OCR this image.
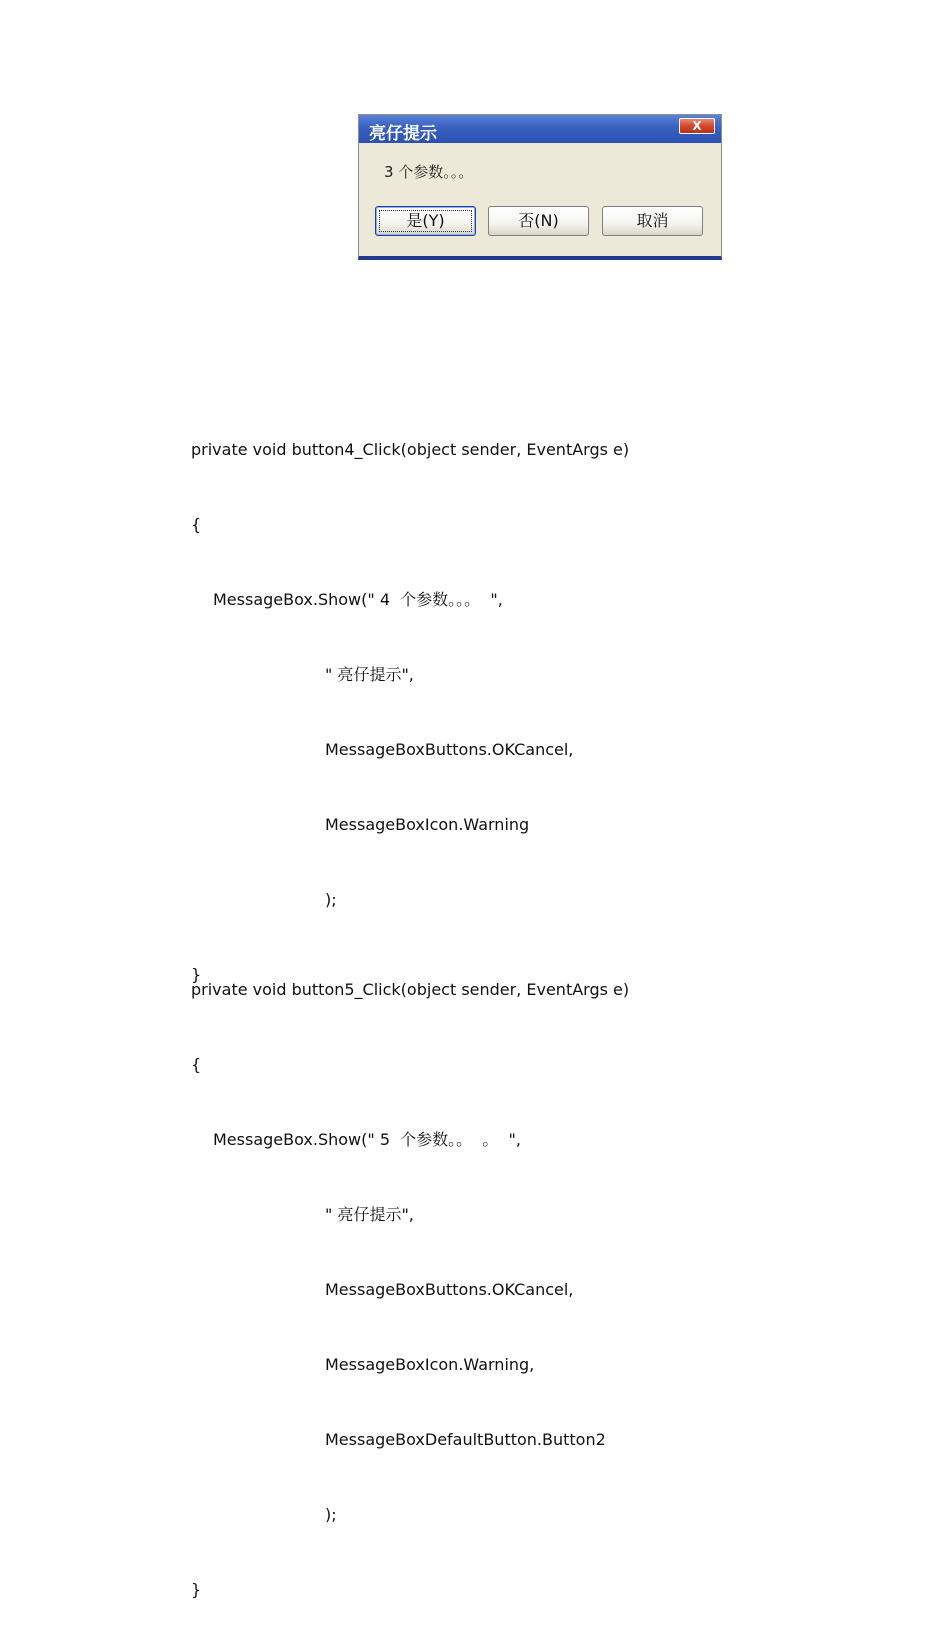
亮仔提示	X
3 个参数。。。
是(Y)	否(N)	取消

private void button4_Click(object sender, EventArgs e)

{

MessageBox.Show(" 4  个参数。。。  ",

" 亮仔提示",

MessageBoxButtons.OKCancel,

MessageBoxIcon.Warning

);

}

private void button5_Click(object sender, EventArgs e)

{

MessageBox.Show(" 5  个参数。。  。  ",

" 亮仔提示",

MessageBoxButtons.OKCancel,

MessageBoxIcon.Warning,

MessageBoxDefaultButton.Button2

);

}
